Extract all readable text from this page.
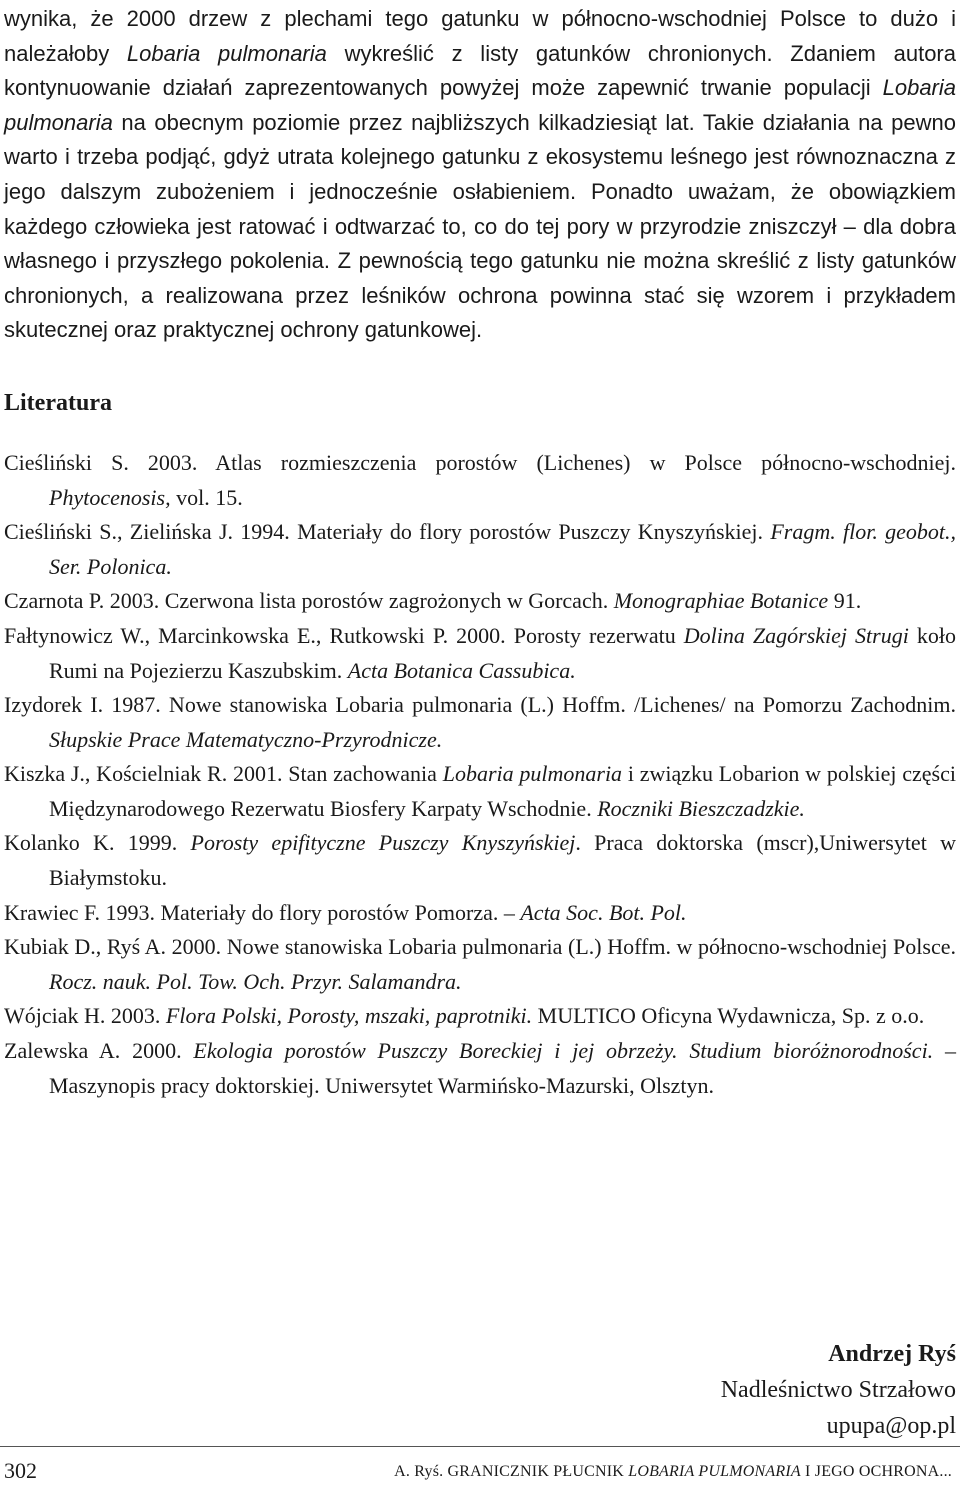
wynika, że 2000 drzew z plechami tego gatunku w północno-wschodniej Polsce to dużo i należałoby Lobaria pulmonaria wykreślić z listy gatunków chronionych. Zdaniem autora kontynuowanie działań zaprezentowanych powyżej może zapewnić trwanie populacji Lobaria pulmonaria na obecnym poziomie przez najbliższych kilkadziesiąt lat. Takie działania na pewno warto i trzeba podjąć, gdyż utrata kolejnego gatunku z ekosystemu leśnego jest równoznaczna z jego dalszym zubożeniem i jednocześnie osłabieniem. Ponadto uważam, że obowiązkiem każdego człowieka jest ratować i odtwarzać to, co do tej pory w przyrodzie zniszczył – dla dobra własnego i przyszłego pokolenia. Z pewnością tego gatunku nie można skreślić z listy gatunków chronionych, a realizowana przez leśników ochrona powinna stać się wzorem i przykładem skutecznej oraz praktycznej ochrony gatunkowej.

Literatura

Cieśliński S. 2003. Atlas rozmieszczenia porostów (Lichenes) w Polsce północno-wschodniej. Phytocenosis, vol. 15.

Cieśliński S., Zielińska J. 1994. Materiały do flory porostów Puszczy Knyszyńskiej. Fragm. flor. geobot., Ser. Polonica.

Czarnota P. 2003. Czerwona lista porostów zagrożonych w Gorcach. Monographiae Botanice 91.

Fałtynowicz W., Marcinkowska E., Rutkowski P. 2000. Porosty rezerwatu Dolina Zagórskiej Strugi koło Rumi na Pojezierzu Kaszubskim. Acta Botanica Cassubica.

Izydorek I. 1987. Nowe stanowiska Lobaria pulmonaria (L.) Hoffm. /Lichenes/ na Pomorzu Zachodnim. Słupskie Prace Matematyczno-Przyrodnicze.

Kiszka J., Kościelniak R. 2001. Stan zachowania Lobaria pulmonaria i związku Lobarion w polskiej części Międzynarodowego Rezerwatu Biosfery Karpaty Wschodnie. Roczniki Bieszczadzkie.

Kolanko K. 1999. Porosty epifityczne Puszczy Knyszyńskiej. Praca doktorska (mscr),Uniwersytet w Białymstoku.

Krawiec F. 1993. Materiały do flory porostów Pomorza. – Acta Soc. Bot. Pol.

Kubiak D., Ryś A. 2000. Nowe stanowiska Lobaria pulmonaria (L.) Hoffm. w północno-wschodniej Polsce. Rocz. nauk. Pol. Tow. Och. Przyr. Salamandra.

Wójciak H. 2003. Flora Polski, Porosty, mszaki, paprotniki. MULTICO Oficyna Wydawnicza, Sp. z o.o.

Zalewska A. 2000. Ekologia porostów Puszczy Boreckiej i jej obrzeży. Studium bioróżnorodności. – Maszynopis pracy doktorskiej. Uniwersytet Warmińsko-Mazurski, Olsztyn.

Andrzej Ryś
Nadleśnictwo Strzałowo
upupa@op.pl
302	A. Ryś. GRANICZNIK PŁUCNIK LOBARIA PULMONARIA I JEGO OCHRONA...
